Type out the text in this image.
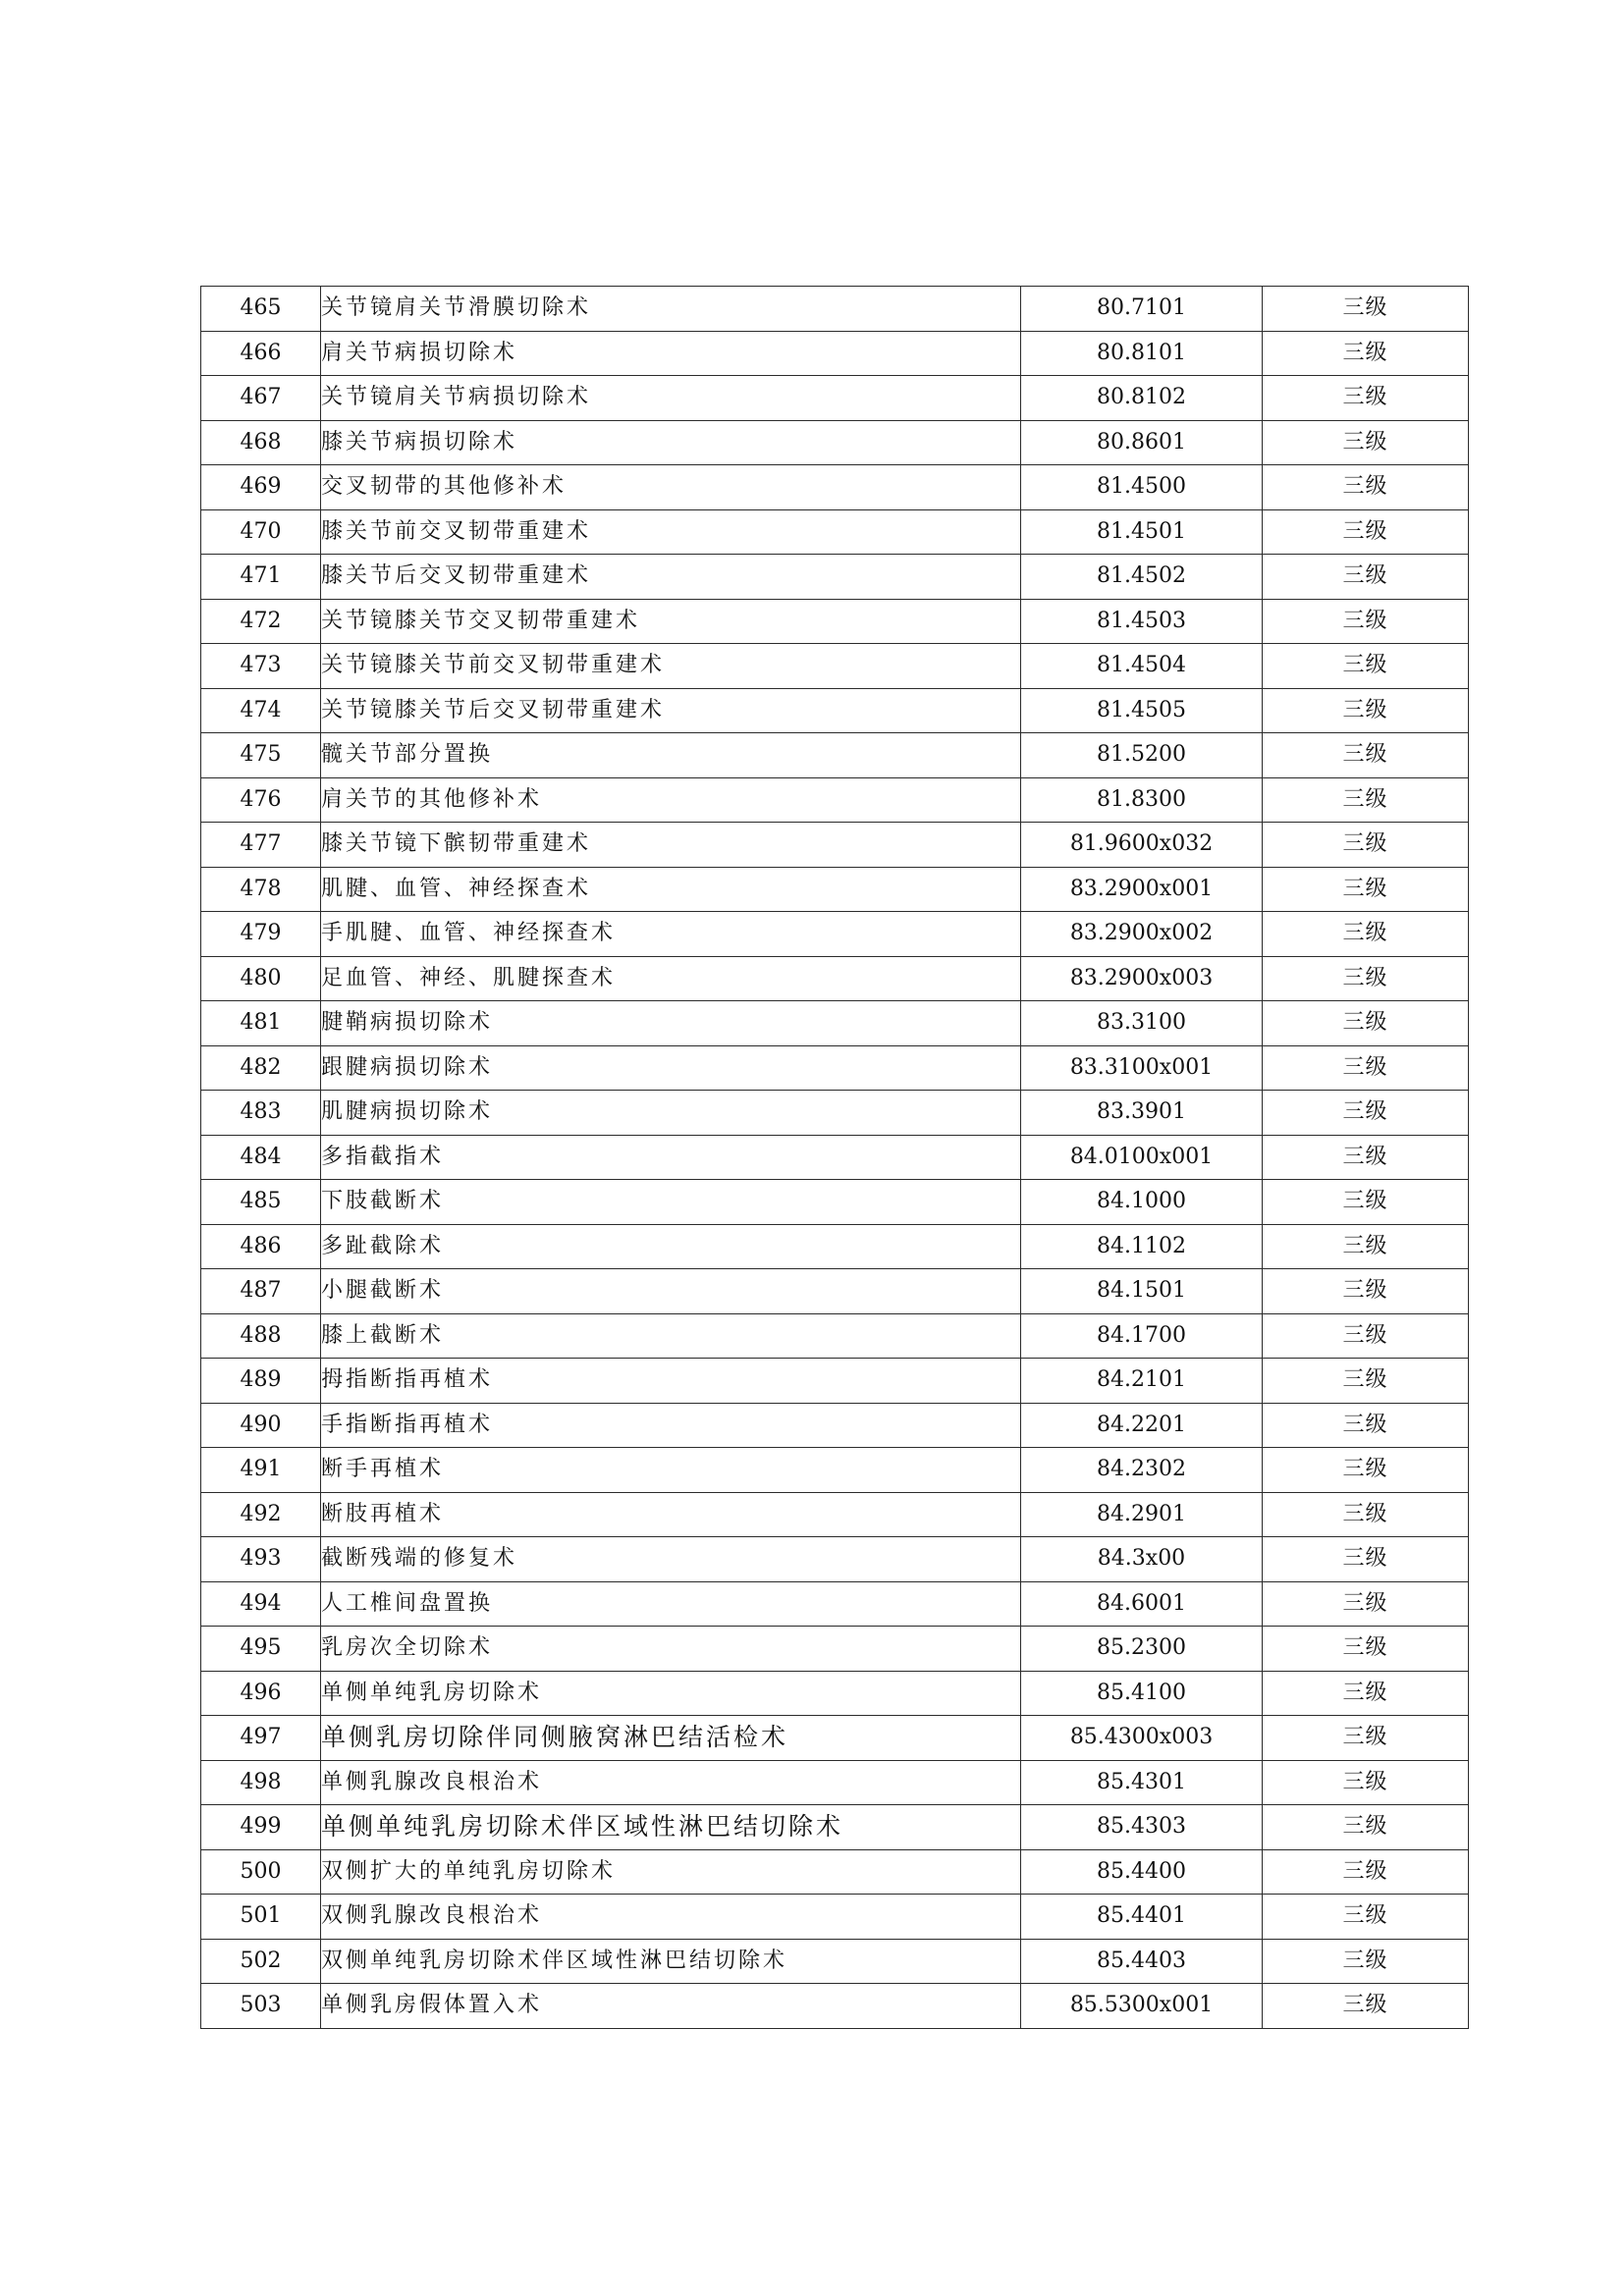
465	关节镜肩关节滑膜切除术	80.7101	三级
466	肩关节病损切除术	80.8101	三级
467	关节镜肩关节病损切除术	80.8102	三级
468	膝关节病损切除术	80.8601	三级
469	交叉韧带的其他修补术	81.4500	三级
470	膝关节前交叉韧带重建术	81.4501	三级
471	膝关节后交叉韧带重建术	81.4502	三级
472	关节镜膝关节交叉韧带重建术	81.4503	三级
473	关节镜膝关节前交叉韧带重建术	81.4504	三级
474	关节镜膝关节后交叉韧带重建术	81.4505	三级
475	髋关节部分置换	81.5200	三级
476	肩关节的其他修补术	81.8300	三级
477	膝关节镜下髌韧带重建术	81.9600x032	三级
478	肌腱、血管、神经探查术	83.2900x001	三级
479	手肌腱、血管、神经探查术	83.2900x002	三级
480	足血管、神经、肌腱探查术	83.2900x003	三级
481	腱鞘病损切除术	83.3100	三级
482	跟腱病损切除术	83.3100x001	三级
483	肌腱病损切除术	83.3901	三级
484	多指截指术	84.0100x001	三级
485	下肢截断术	84.1000	三级
486	多趾截除术	84.1102	三级
487	小腿截断术	84.1501	三级
488	膝上截断术	84.1700	三级
489	拇指断指再植术	84.2101	三级
490	手指断指再植术	84.2201	三级
491	断手再植术	84.2302	三级
492	断肢再植术	84.2901	三级
493	截断残端的修复术	84.3x00	三级
494	人工椎间盘置换	84.6001	三级
495	乳房次全切除术	85.2300	三级
496	单侧单纯乳房切除术	85.4100	三级
497	单侧乳房切除伴同侧腋窝淋巴结活检术	85.4300x003	三级
498	单侧乳腺改良根治术	85.4301	三级
499	单侧单纯乳房切除术伴区域性淋巴结切除术	85.4303	三级
500	双侧扩大的单纯乳房切除术	85.4400	三级
501	双侧乳腺改良根治术	85.4401	三级
502	双侧单纯乳房切除术伴区域性淋巴结切除术	85.4403	三级
503	单侧乳房假体置入术	85.5300x001	三级
